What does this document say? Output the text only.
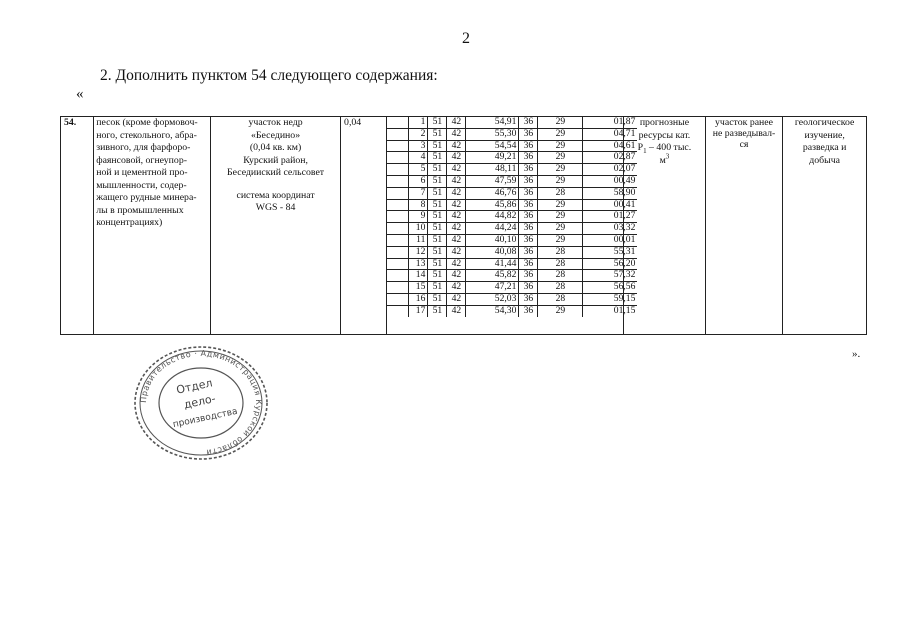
2
2. Дополнить пунктом 54 следующего содержания:
«
54.	песок (кроме формовоч-
ного, стекольного, абра-
зивного, для фарфоро-
фаянсовой, огнеупор-
ной и цементной про-
мышленности, содер-
жащего рудные минера-
лы в промышленных
концентрациях)

участок недр
«Бесединo»
(0,04 кв. км)
Курский район,
Беседииский сельсовет
система координат
WGS - 84
	0,04	
		1	51	42	54,91	36	29	01,87
	2	51	42	55,30	36	29	04,71
	3	51	42	54,54	36	29	04,61
	4	51	42	49,21	36	29	02,87
	5	51	42	48,11	36	29	02,07
	6	51	42	47,59	36	29	00,49
	7	51	42	46,76	36	28	58,90
	8	51	42	45,86	36	29	00,41
	9	51	42	44,82	36	29	01,27
	10	51	42	44,24	36	29	03,32
	11	51	42	40,10	36	29	00,01
	12	51	42	40,08	36	28	55,31
	13	51	42	41,44	36	28	56,20
	14	51	42	45,82	36	28	57,32
	15	51	42	47,21	36	28	56,56
	16	51	42	52,03	36	28	59,15
	17	51	42	54,30	36	29	01,15

прогнозные
ресурсы кат.
$Р_1 - 400$ тыс.
$м^3$

участок ранее
не разведывал-
ся

геологическое
изучение,
разведка и
добыча
».
Правительство · Администрация Курской области
Отдел
дело-
производства
